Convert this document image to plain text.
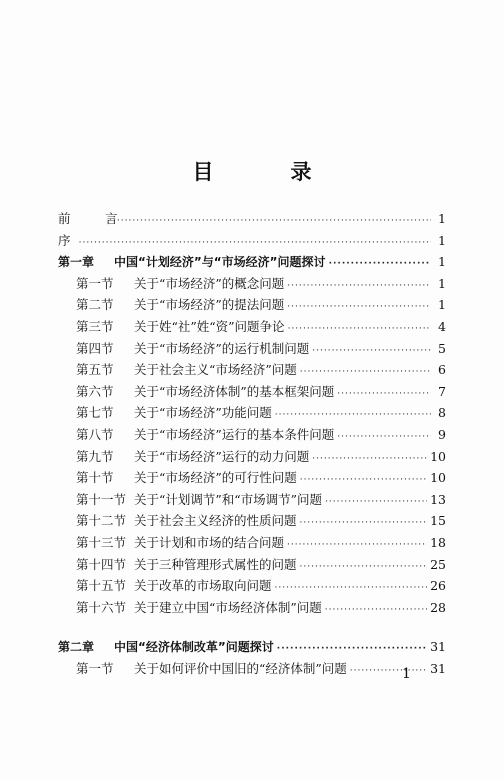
目　录
前　言 ·····	1
序 ·····	1
第一章	中国“计划经济”与“市场经济”问题探讨 ·····	1
第一节	关于“市场经济”的概念问题 ·····	1
第二节	关于“市场经济”的提法问题 ·····	1
第三节	关于姓“社”姓“资”问题争论 ·····	4
第四节	关于“市场经济”的运行机制问题 ·····	5
第五节	关于社会主义“市场经济”问题 ·····	6
第六节	关于“市场经济体制”的基本框架问题 ·····	7
第七节	关于“市场经济”功能问题 ·····	8
第八节	关于“市场经济”运行的基本条件问题 ·····	9
第九节	关于“市场经济”运行的动力问题 ·····	10
第十节	关于“市场经济”的可行性问题 ·····	10
第十一节 关于“计划调节”和“市场调节”问题 ·····	13
第十二节 关于社会主义经济的性质问题 ·····	15
第十三节 关于计划和市场的结合问题 ·····	18
第十四节 关于三种管理形式属性的问题 ·····	25
第十五节 关于改革的市场取向问题 ·····	26
第十六节 关于建立中国“市场经济体制”问题 ·····	28
第二章	中国“经济体制改革”问题探讨 ·····	31
第一节	关于如何评价中国旧的“经济体制”问题 ·····	31
1
